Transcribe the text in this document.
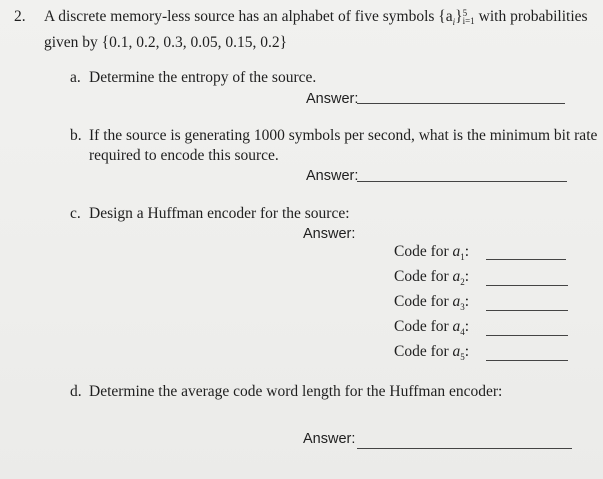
2. A discrete memory-less source has an alphabet of five symbols $\{a_i\}$ 5
i=1 with probabilities
given by {0.1, 0.2, 0.3, 0.05, 0.15, 0.2}
a. Determine the entropy of the source.
Answer:
b. If the source is generating 1000 symbols per second, what is the minimum bit rate
required to encode this source.
Answer:
c. Design a Huffman encoder for the source:
Answer:
Code for $a_1$:
Code for $a_2$:
Code for $a_3$:
Code for $a_4$:
Code for $a_5$:
d. Determine the average code word length for the Huffman encoder:
Answer:
